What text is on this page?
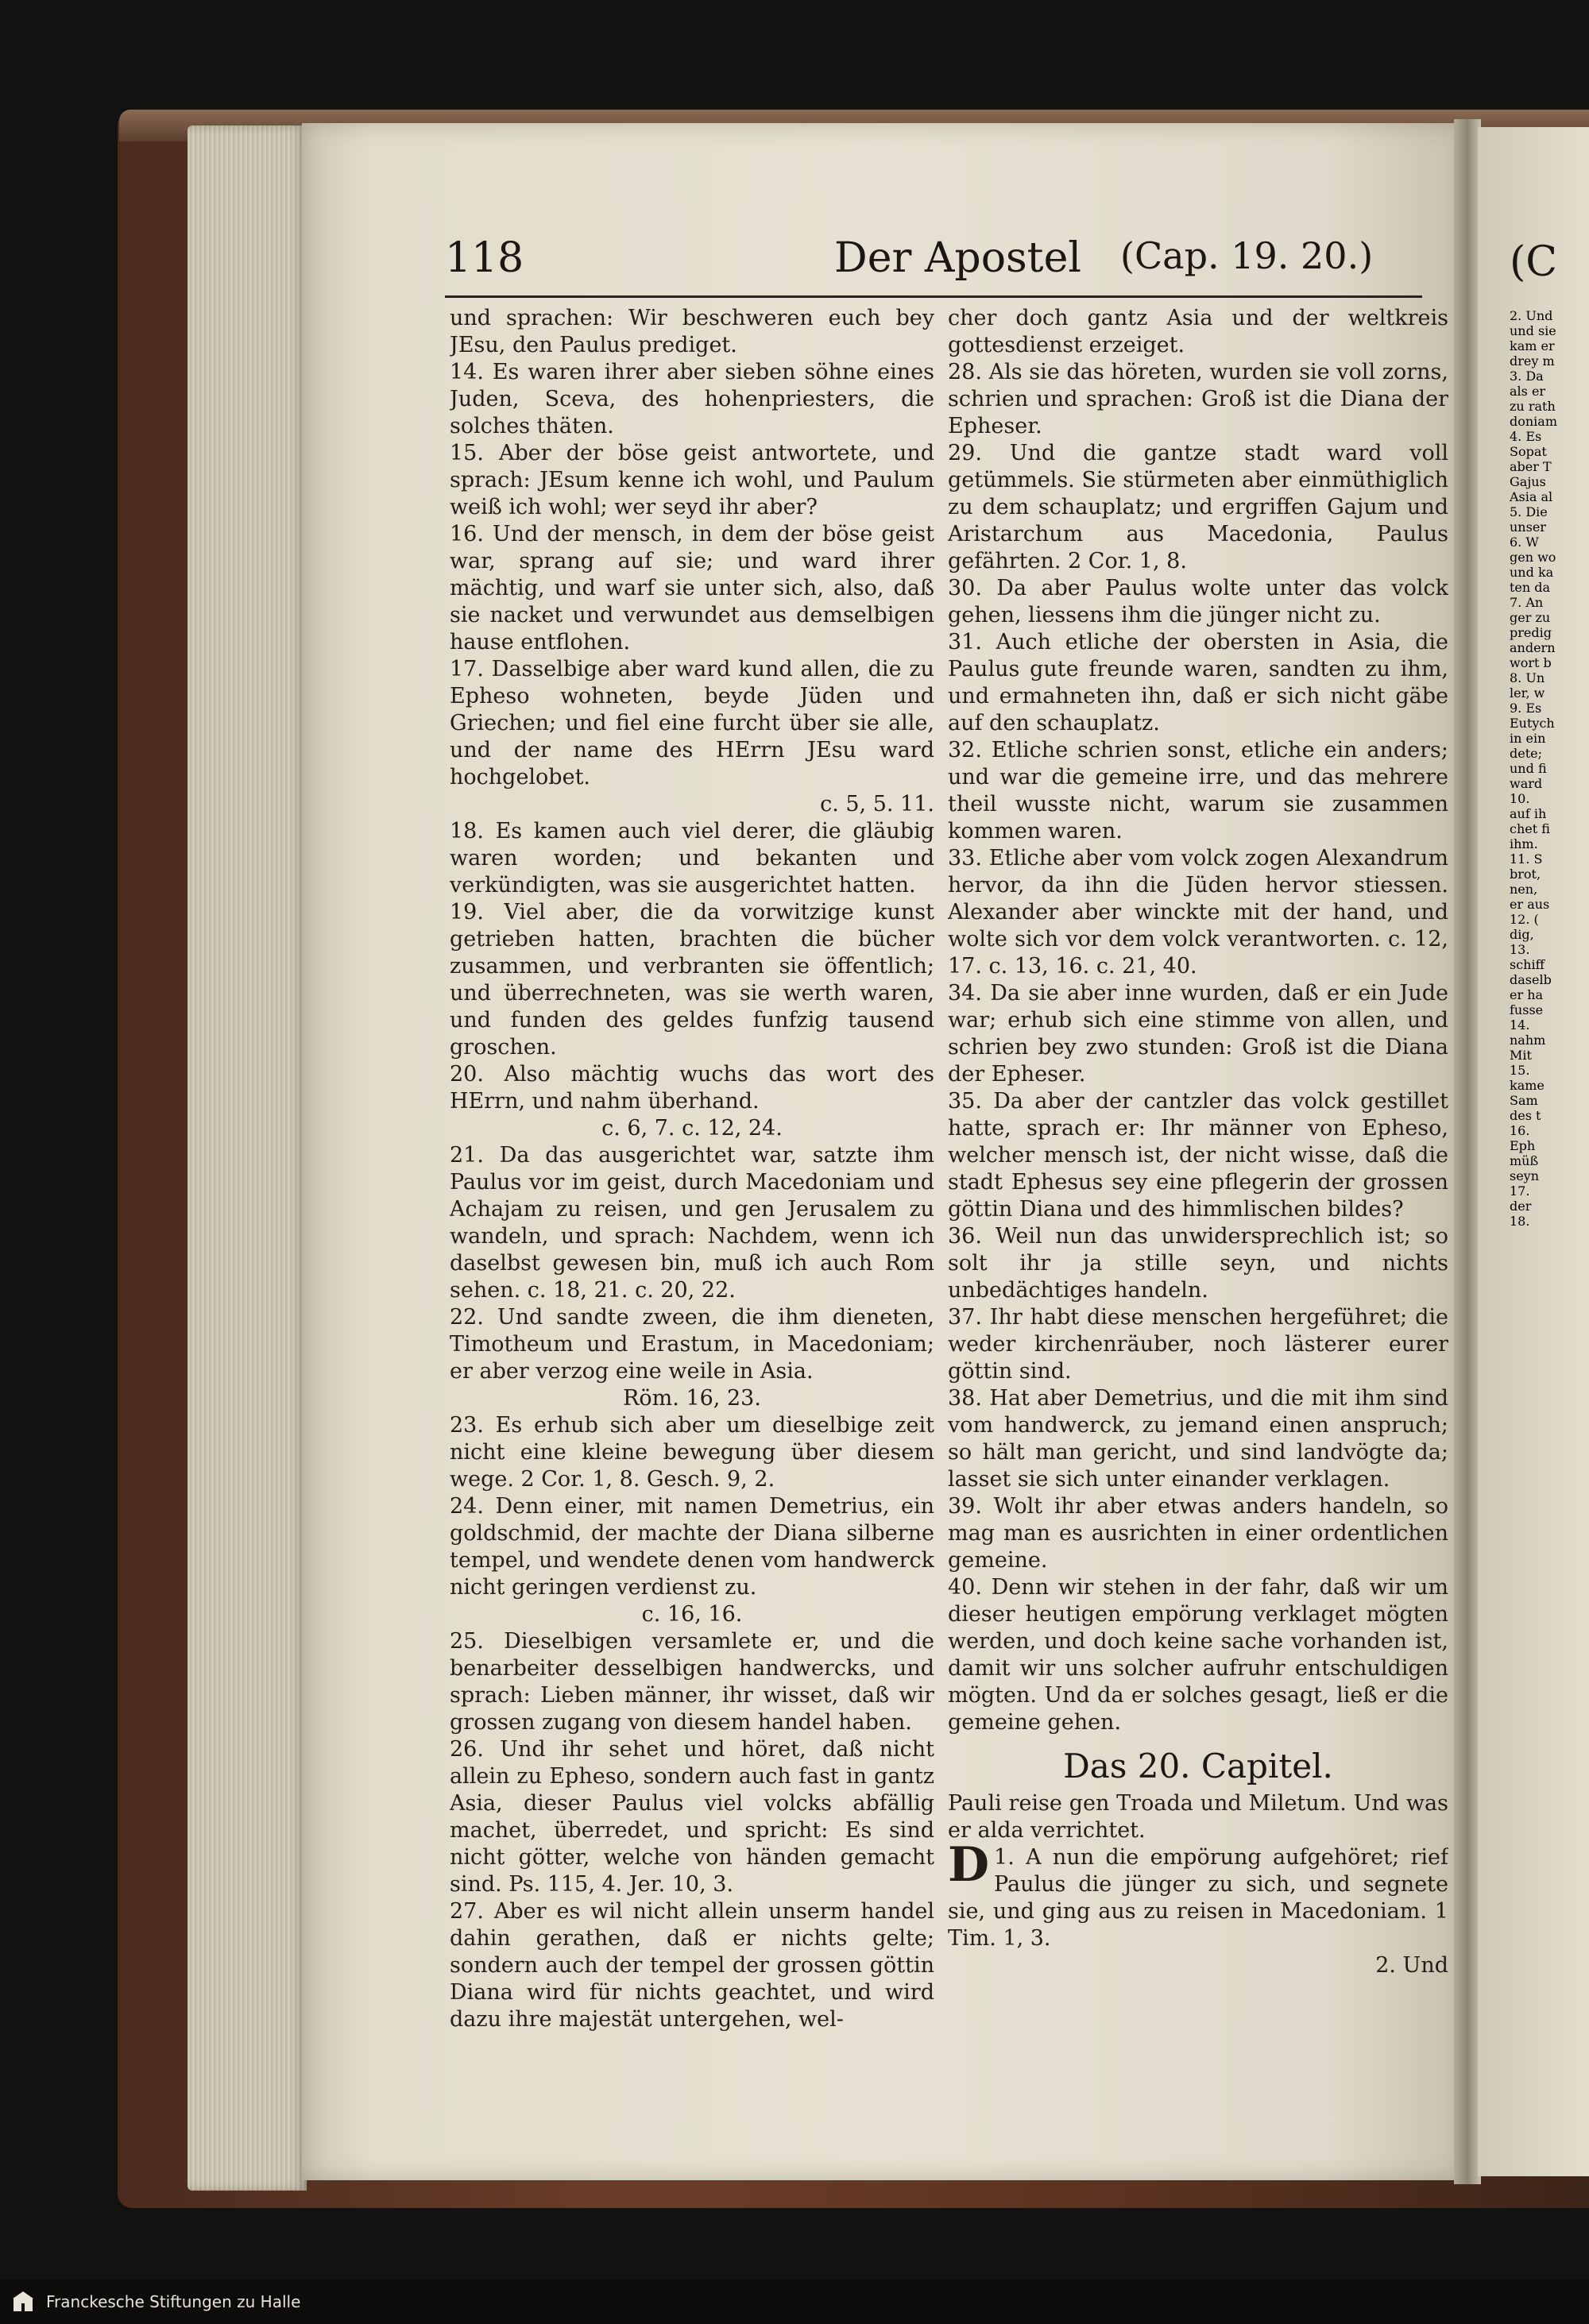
(C
2. Und
und sie
kam er
drey m
3. Da
als er
zu rath
doniam
4. Es
Sopat
aber T
Gajus
Asia al
5. Die
unser
6. W
gen wo
und ka
ten da
7. An
ger zu
predig
andern
wort b
8. Un
ler, w
9. Es
Eutych
in ein
dete;
und fi
ward
10.
auf ih
chet fi
ihm.
11. S
brot,
nen,
er aus
12. (
dig,
13.
schiff
daselb
er ha
fusse
14.
nahm
Mit
15.
kame
Sam
des t
16.
Eph
müß
seyn
17.
der
18.
118	Der Apostel (Cap. 19. 20.)

und sprachen: Wir beschweren euch bey JEsu, den Paulus prediget.

14. Es waren ihrer aber sieben söhne eines Juden, Sceva, des hohenpriesters, die solches thäten.

15. Aber der böse geist antwortete, und sprach: JEsum kenne ich wohl, und Paulum weiß ich wohl; wer seyd ihr aber?

16. Und der mensch, in dem der böse geist war, sprang auf sie; und ward ihrer mächtig, und warf sie unter sich, also, daß sie nacket und verwundet aus demselbigen hause entflohen.

17. Dasselbige aber ward kund allen, die zu Epheso wohneten, beyde Jüden und Griechen; und fiel eine furcht über sie alle, und der name des HErrn JEsu ward hochgelobet.

c. 5, 5. 11.

18. Es kamen auch viel derer, die gläubig waren worden; und bekanten und verkündigten, was sie ausgerichtet hatten.

19. Viel aber, die da vorwitzige kunst getrieben hatten, brachten die bücher zusammen, und verbranten sie öffentlich; und überrechneten, was sie werth waren, und funden des geldes funfzig tausend groschen.

20. Also mächtig wuchs das wort des HErrn, und nahm überhand.

c. 6, 7. c. 12, 24.

21. Da das ausgerichtet war, satzte ihm Paulus vor im geist, durch Macedoniam und Achajam zu reisen, und gen Jerusalem zu wandeln, und sprach: Nachdem, wenn ich daselbst gewesen bin, muß ich auch Rom sehen. c. 18, 21. c. 20, 22.

22. Und sandte zween, die ihm dieneten, Timotheum und Erastum, in Macedoniam; er aber verzog eine weile in Asia.

Röm. 16, 23.

23. Es erhub sich aber um dieselbige zeit nicht eine kleine bewegung über diesem wege. 2 Cor. 1, 8. Gesch. 9, 2.

24. Denn einer, mit namen Demetrius, ein goldschmid, der machte der Diana silberne tempel, und wendete denen vom handwerck nicht geringen verdienst zu.

c. 16, 16.

25. Dieselbigen versamlete er, und die benarbeiter desselbigen handwercks, und sprach: Lieben männer, ihr wisset, daß wir grossen zugang von diesem handel haben.

26. Und ihr sehet und höret, daß nicht allein zu Epheso, sondern auch fast in gantz Asia, dieser Paulus viel volcks abfällig machet, überredet, und spricht: Es sind nicht götter, welche von händen gemacht sind. Ps. 115, 4. Jer. 10, 3.

27. Aber es wil nicht allein unserm handel dahin gerathen, daß er nichts gelte; sondern auch der tempel der grossen göttin Diana wird für nichts geachtet, und wird dazu ihre majestät untergehen, wel-

cher doch gantz Asia und der weltkreis gottesdienst erzeiget.

28. Als sie das höreten, wurden sie voll zorns, schrien und sprachen: Groß ist die Diana der Epheser.

29. Und die gantze stadt ward voll getümmels. Sie stürmeten aber einmüthiglich zu dem schauplatz; und ergriffen Gajum und Aristarchum aus Macedonia, Paulus gefährten. 2 Cor. 1, 8.

30. Da aber Paulus wolte unter das volck gehen, liessens ihm die jünger nicht zu.

31. Auch etliche der obersten in Asia, die Paulus gute freunde waren, sandten zu ihm, und ermahneten ihn, daß er sich nicht gäbe auf den schauplatz.

32. Etliche schrien sonst, etliche ein anders; und war die gemeine irre, und das mehrere theil wusste nicht, warum sie zusammen kommen waren.

33. Etliche aber vom volck zogen Alexandrum hervor, da ihn die Jüden hervor stiessen. Alexander aber winckte mit der hand, und wolte sich vor dem volck verantworten. c. 12, 17. c. 13, 16. c. 21, 40.

34. Da sie aber inne wurden, daß er ein Jude war; erhub sich eine stimme von allen, und schrien bey zwo stunden: Groß ist die Diana der Epheser.

35. Da aber der cantzler das volck gestillet hatte, sprach er: Ihr männer von Epheso, welcher mensch ist, der nicht wisse, daß die stadt Ephesus sey eine pflegerin der grossen göttin Diana und des himmlischen bildes?

36. Weil nun das unwidersprechlich ist; so solt ihr ja stille seyn, und nichts unbedächtiges handeln.

37. Ihr habt diese menschen hergeführet; die weder kirchenräuber, noch lästerer eurer göttin sind.

38. Hat aber Demetrius, und die mit ihm sind vom handwerck, zu jemand einen anspruch; so hält man gericht, und sind landvögte da; lasset sie sich unter einander verklagen.

39. Wolt ihr aber etwas anders handeln, so mag man es ausrichten in einer ordentlichen gemeine.

40. Denn wir stehen in der fahr, daß wir um dieser heutigen empörung verklaget mögten werden, und doch keine sache vorhanden ist, damit wir uns solcher aufruhr entschuldigen mögten. Und da er solches gesagt, ließ er die gemeine gehen.

Das 20. Capitel.

Pauli reise gen Troada und Miletum. Und was er alda verrichtet.

1.
D A nun die empörung aufgehöret; rief Paulus die jünger zu sich, und segnete sie, und ging aus zu reisen in Macedoniam. 1 Tim. 1, 3.

2. Und

Franckesche Stiftungen zu Halle
